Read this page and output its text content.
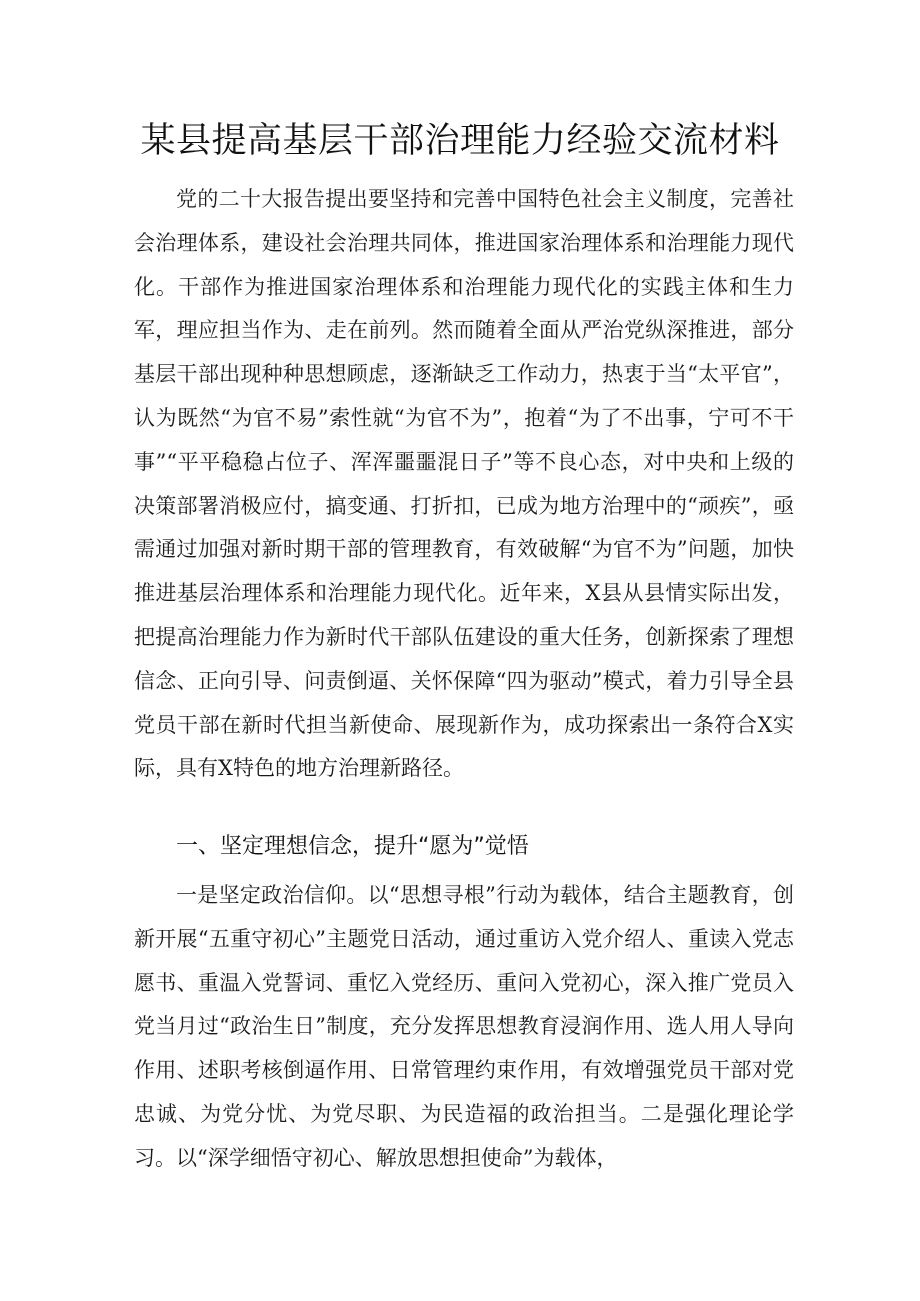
某县提高基层干部治理能力经验交流材料

党的二十大报告提出要坚持和完善中国特色社会主义制度，完善社会治理体系，建设社会治理共同体，推进国家治理体系和治理能力现代化。干部作为推进国家治理体系和治理能力现代化的实践主体和生力军，理应担当作为、走在前列。然而随着全面从严治党纵深推进，部分基层干部出现种种思想顾虑，逐渐缺乏工作动力，热衷于当“太平官”，认为既然“为官不易”索性就“为官不为”，抱着“为了不出事，宁可不干事”“平平稳稳占位子、浑浑噩噩混日子”等不良心态，对中央和上级的决策部署消极应付，搞变通、打折扣，已成为地方治理中的“顽疾”，亟需通过加强对新时期干部的管理教育，有效破解“为官不为”问题，加快推进基层治理体系和治理能力现代化。近年来，X县从县情实际出发，把提高治理能力作为新时代干部队伍建设的重大任务，创新探索了理想信念、正向引导、问责倒逼、关怀保障“四为驱动”模式，着力引导全县党员干部在新时代担当新使命、展现新作为，成功探索出一条符合X实际，具有X特色的地方治理新路径。

一、坚定理想信念，提升“愿为”觉悟

一是坚定政治信仰。以“思想寻根”行动为载体，结合主题教育，创新开展“五重守初心”主题党日活动，通过重访入党介绍人、重读入党志愿书、重温入党誓词、重忆入党经历、重问入党初心，深入推广党员入党当月过“政治生日”制度，充分发挥思想教育浸润作用、选人用人导向作用、述职考核倒逼作用、日常管理约束作用，有效增强党员干部对党忠诚、为党分忧、为党尽职、为民造福的政治担当。二是强化理论学习。以“深学细悟守初心、解放思想担使命”为载体，
